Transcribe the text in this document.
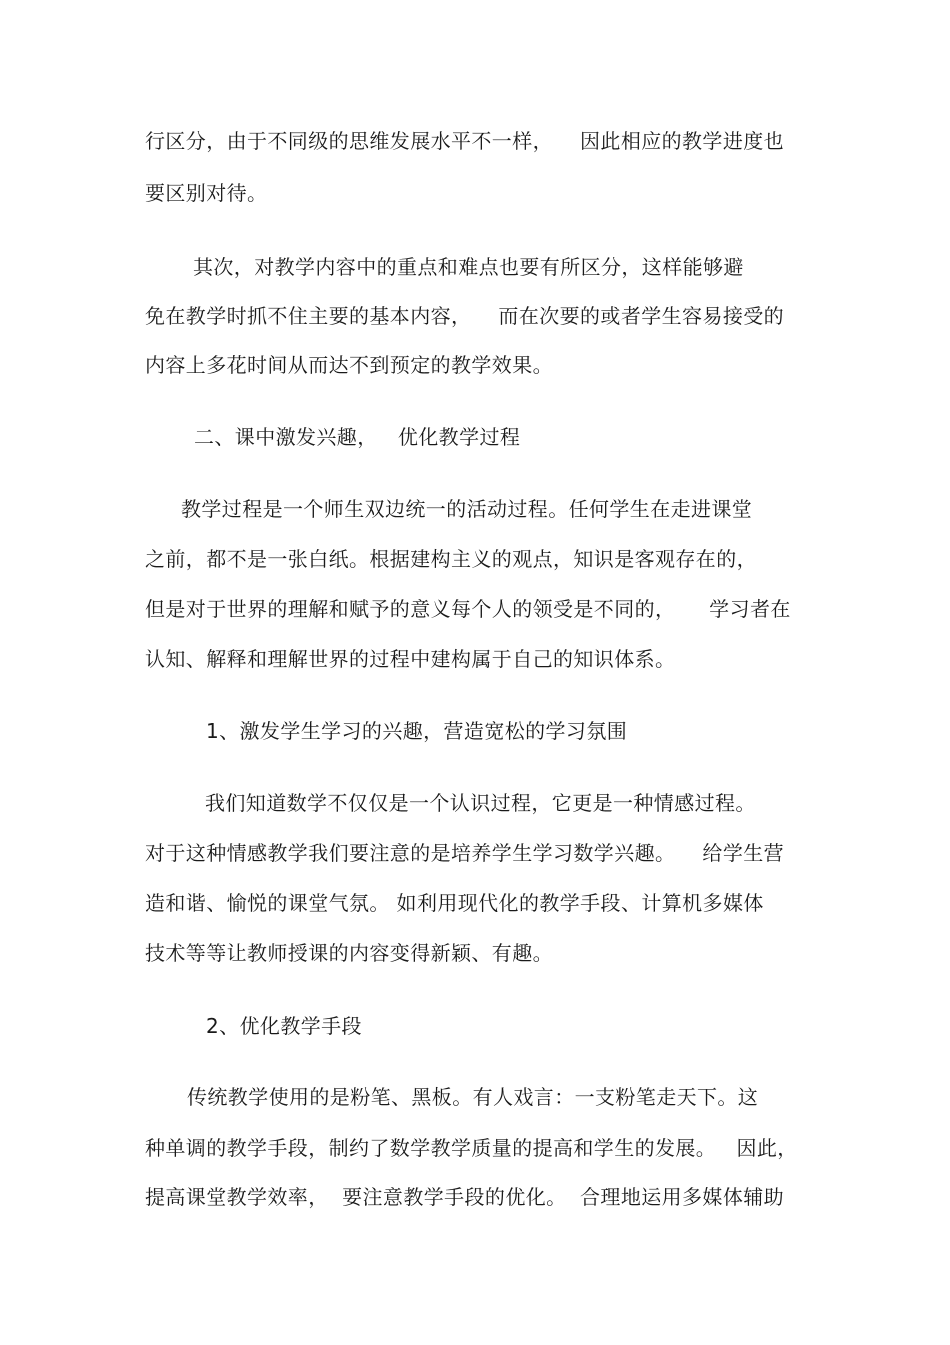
行区分，由于不同级的思维发展水平不一样，    因此相应的教学进度也
要区别对待。
其次，对教学内容中的重点和难点也要有所区分，这样能够避
免在教学时抓不住主要的基本内容，    而在次要的或者学生容易接受的
内容上多花时间从而达不到预定的教学效果。
二、课中激发兴趣，   优化教学过程
教学过程是一个师生双边统一的活动过程。任何学生在走进课堂
之前，都不是一张白纸。根据建构主义的观点，知识是客观存在的，
但是对于世界的理解和赋予的意义每个人的领受是不同的，     学习者在
认知、解释和理解世界的过程中建构属于自己的知识体系。
1、激发学生学习的兴趣，营造宽松的学习氛围
我们知道数学不仅仅是一个认识过程，它更是一种情感过程。
对于这种情感教学我们要注意的是培养学生学习数学兴趣。    给学生营
造和谐、愉悦的课堂气氛。 如利用现代化的教学手段、计算机多媒体
技术等等让教师授课的内容变得新颖、有趣。
2、优化教学手段
传统教学使用的是粉笔、黑板。有人戏言：一支粉笔走天下。这
种单调的教学手段，制约了数学教学质量的提高和学生的发展。   因此，
提高课堂教学效率，  要注意教学手段的优化。  合理地运用多媒体辅助
